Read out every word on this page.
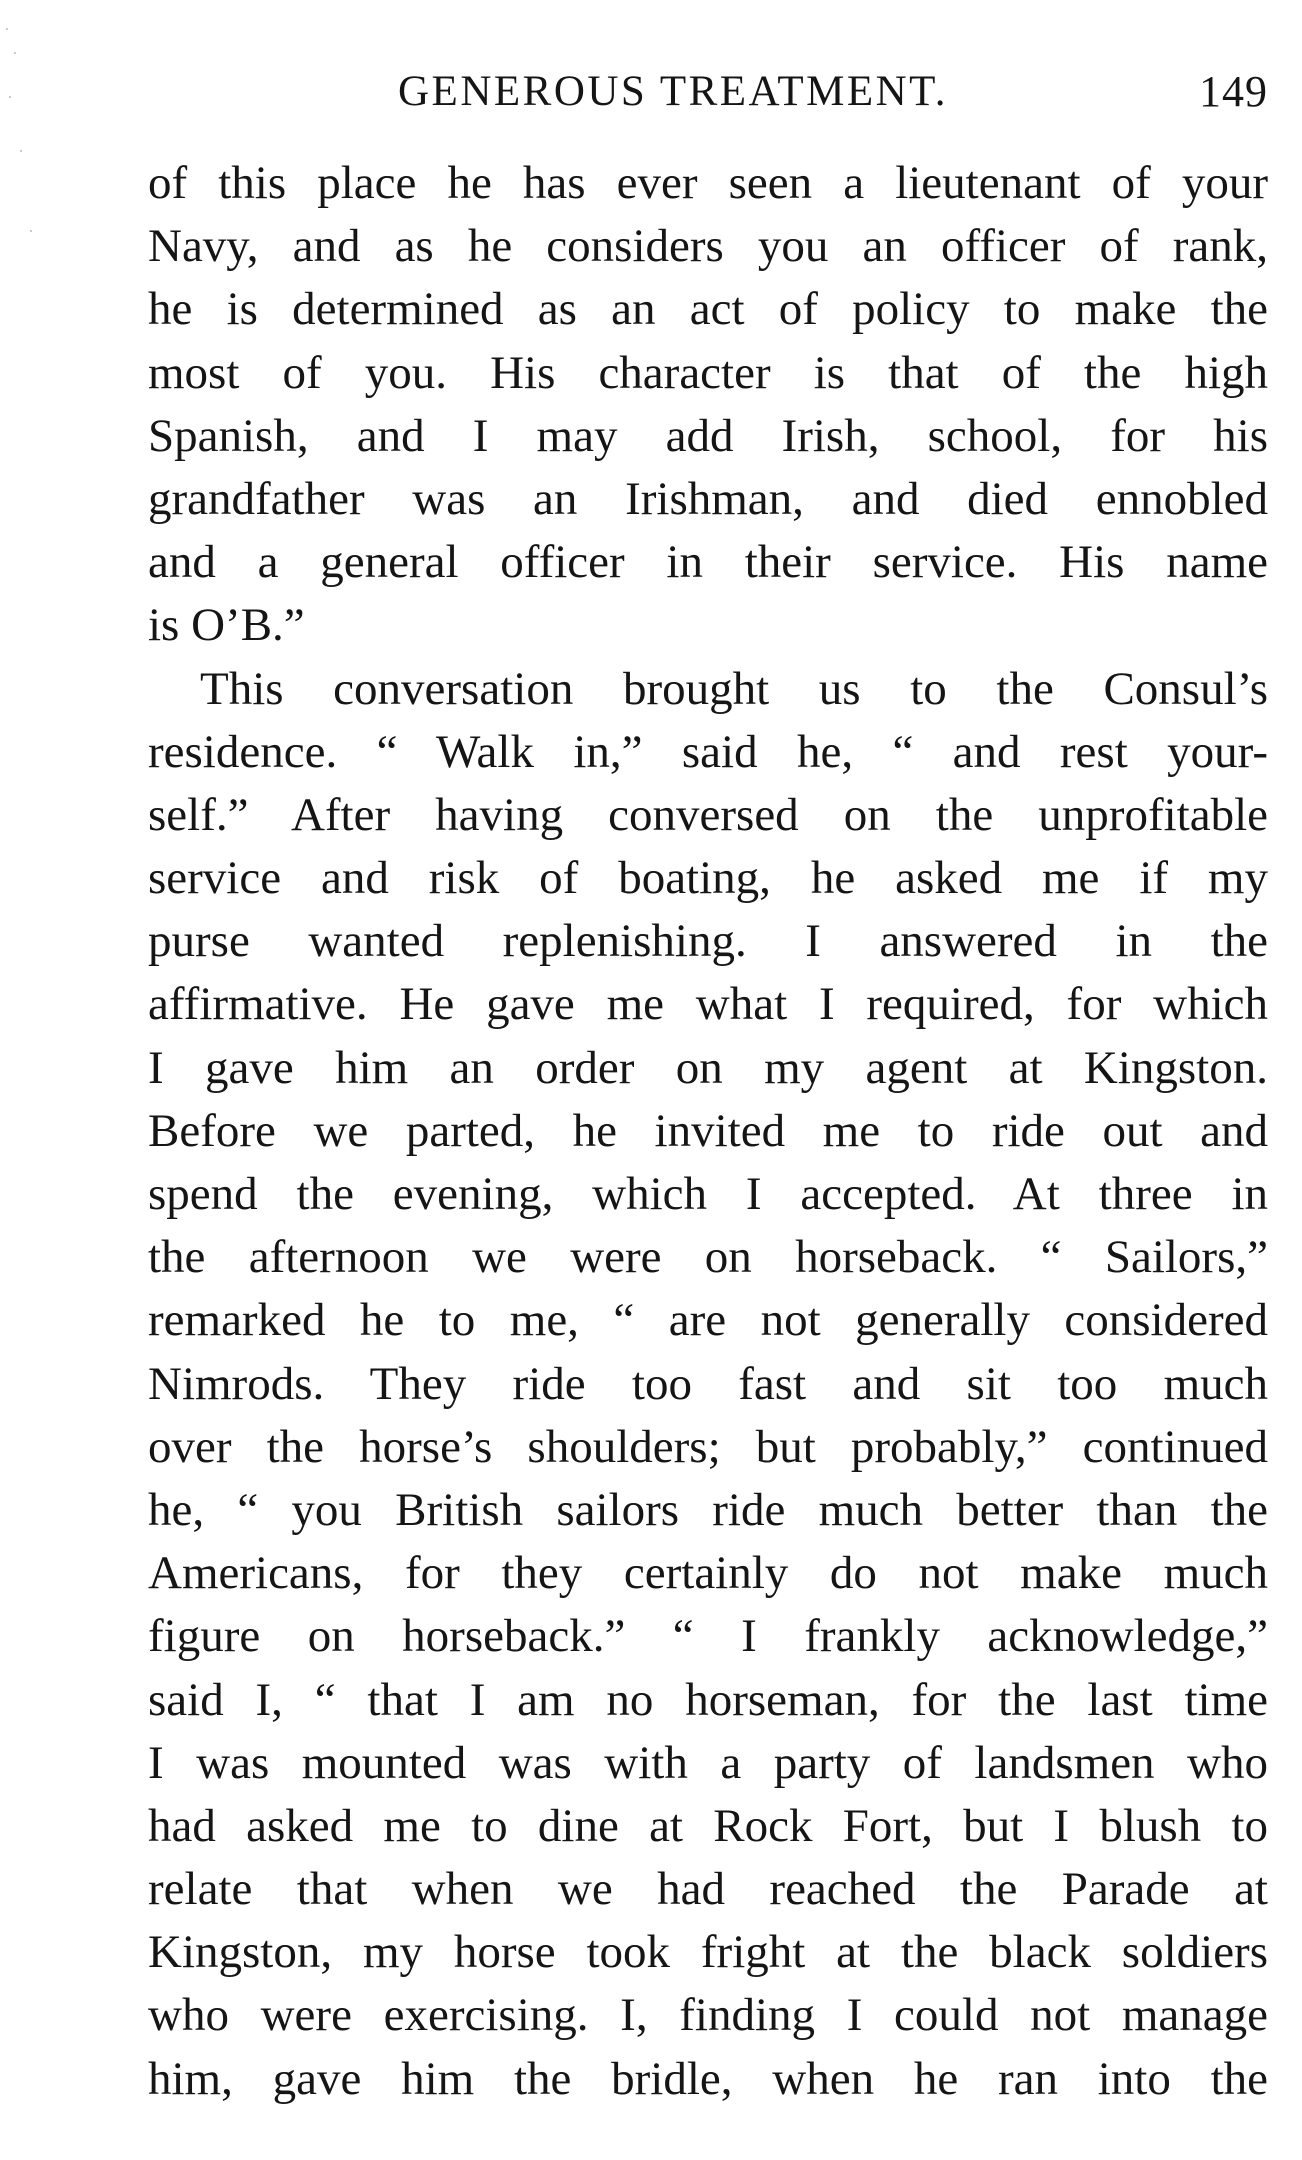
GENEROUS TREATMENT.	149
of this place he has ever seen a lieutenant of your
Navy, and as he considers you an officer of rank,
he is determined as an act of policy to make the
most of you. His character is that of the high
Spanish, and I may add Irish, school, for his
grandfather was an Irishman, and died ennobled
and a general officer in their service. His name
is O’B.”
This conversation brought us to the Consul’s
residence. “ Walk in,” said he, “ and rest your-
self.” After having conversed on the unprofitable
service and risk of boating, he asked me if my
purse wanted replenishing. I answered in the
affirmative. He gave me what I required, for which
I gave him an order on my agent at Kingston.
Before we parted, he invited me to ride out and
spend the evening, which I accepted. At three in
the afternoon we were on horseback. “ Sailors,”
remarked he to me, “ are not generally considered
Nimrods. They ride too fast and sit too much
over the horse’s shoulders; but probably,” continued
he, “ you British sailors ride much better than the
Americans, for they certainly do not make much
figure on horseback.” “ I frankly acknowledge,”
said I, “ that I am no horseman, for the last time
I was mounted was with a party of landsmen who
had asked me to dine at Rock Fort, but I blush to
relate that when we had reached the Parade at
Kingston, my horse took fright at the black soldiers
who were exercising. I, finding I could not manage
him, gave him the bridle, when he ran into the
